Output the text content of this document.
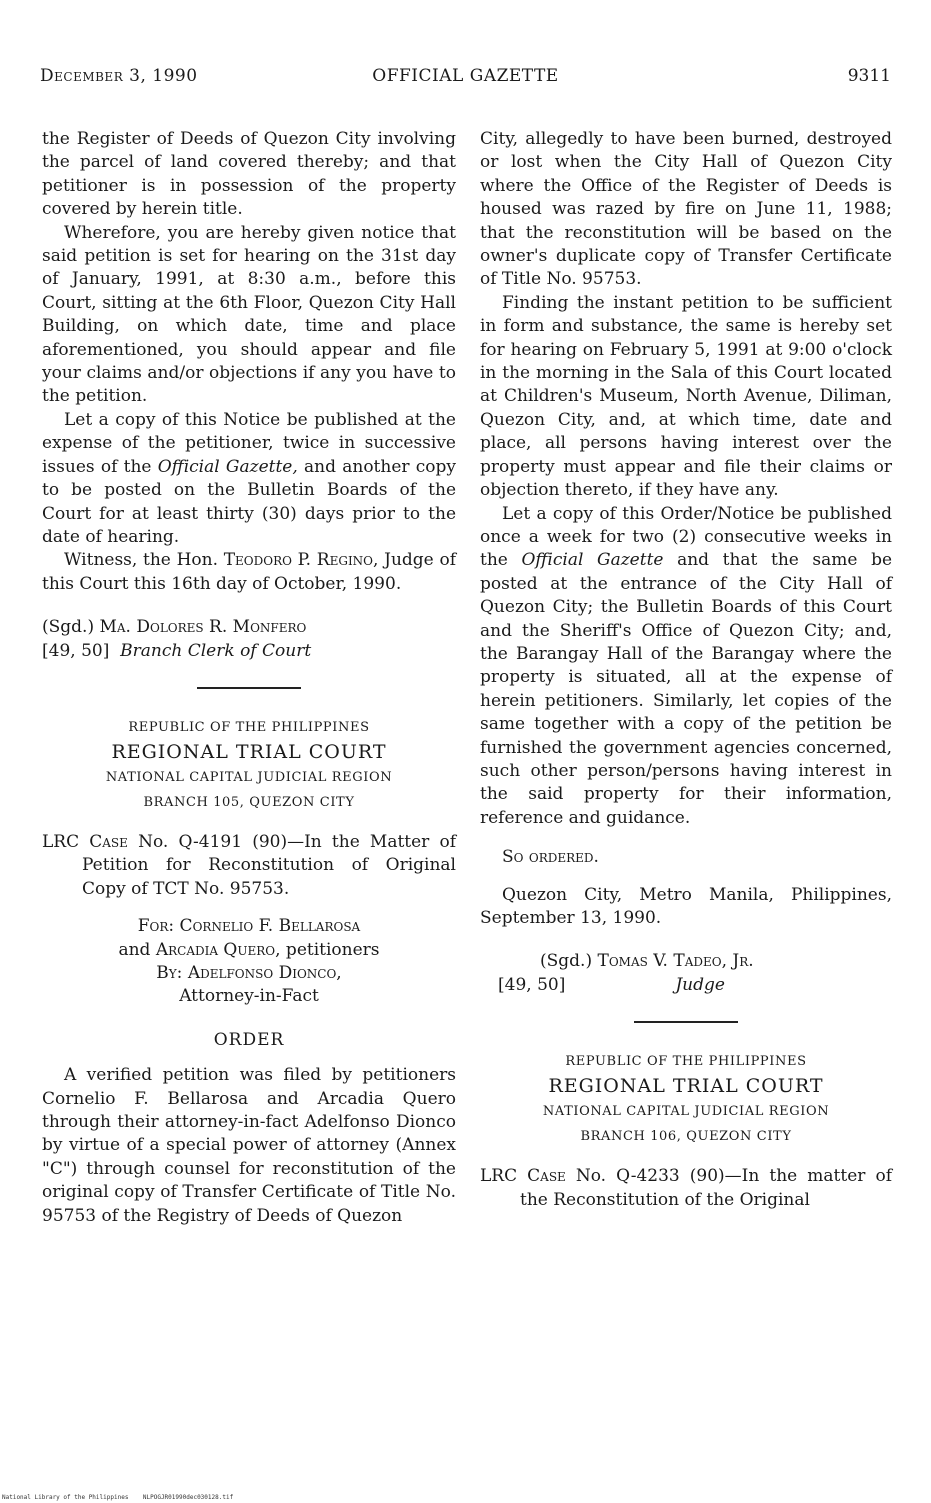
December 3, 1990	OFFICIAL GAZETTE	9311

the Register of Deeds of Quezon City involving the parcel of land covered thereby; and that petitioner is in possession of the property covered by herein title.

Wherefore, you are hereby given notice that said petition is set for hearing on the 31st day of January, 1991, at 8:30 a.m., before this Court, sitting at the 6th Floor, Quezon City Hall Building, on which date, time and place aforementioned, you should appear and file your claims and/or objections if any you have to the petition.

Let a copy of this Notice be published at the expense of the petitioner, twice in successive issues of the Official Gazette, and another copy to be posted on the Bulletin Boards of the Court for at least thirty (30) days prior to the date of hearing.

Witness, the Hon. Teodoro P. Regino, Judge of this Court this 16th day of October, 1990.

(Sgd.) Ma. Dolores R. Monfero
[49, 50] Branch Clerk of Court
REPUBLIC OF THE PHILIPPINES
REGIONAL TRIAL COURT
NATIONAL CAPITAL JUDICIAL REGION
BRANCH 105, QUEZON CITY

LRC Case No. Q-4191 (90)—In the Matter of Petition for Reconstitution of Original Copy of TCT No. 95753.

For: Cornelio F. Bellarosa
and Arcadia Quero, petitioners
By: Adelfonso Dionco,
Attorney-in-Fact
ORDER

A verified petition was filed by petitioners Cornelio F. Bellarosa and Arcadia Quero through their attorney-in-fact Adelfonso Dionco by virtue of a special power of attorney (Annex "C") through counsel for reconstitution of the original copy of Transfer Certificate of Title No. 95753 of the Registry of Deeds of Quezon

City, allegedly to have been burned, destroyed or lost when the City Hall of Quezon City where the Office of the Register of Deeds is housed was razed by fire on June 11, 1988; that the reconstitution will be based on the owner's duplicate copy of Transfer Certificate of Title No. 95753.

Finding the instant petition to be sufficient in form and substance, the same is hereby set for hearing on February 5, 1991 at 9:00 o'clock in the morning in the Sala of this Court located at Children's Museum, North Avenue, Diliman, Quezon City, and, at which time, date and place, all persons having interest over the property must appear and file their claims or objection thereto, if they have any.

Let a copy of this Order/Notice be published once a week for two (2) consecutive weeks in the Official Gazette and that the same be posted at the entrance of the City Hall of Quezon City; the Bulletin Boards of this Court and the Sheriff's Office of Quezon City; and, the Barangay Hall of the Barangay where the property is situated, all at the expense of herein petitioners. Similarly, let copies of the same together with a copy of the petition be furnished the government agencies concerned, such other person/persons having interest in the said property for their information, reference and guidance.

So ordered.

Quezon City, Metro Manila, Philippines, September 13, 1990.

(Sgd.) Tomas V. Tadeo, Jr.
[49, 50]	Judge
REPUBLIC OF THE PHILIPPINES
REGIONAL TRIAL COURT
NATIONAL CAPITAL JUDICIAL REGION
BRANCH 106, QUEZON CITY

LRC Case No. Q-4233 (90)—In the matter of the Reconstitution of the Original

National Library of the Philippines    NLPOGJR01990dec030128.tif
